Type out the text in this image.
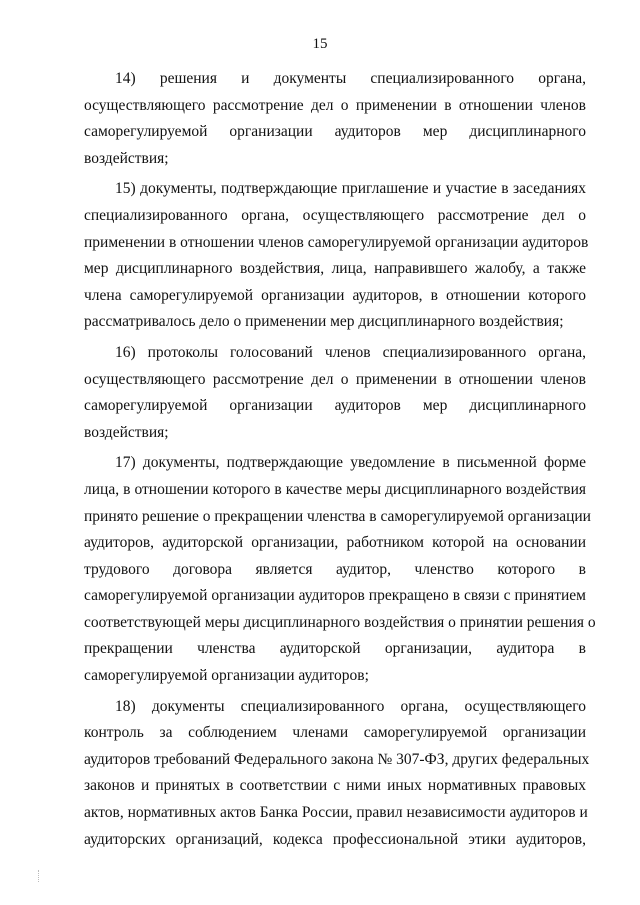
15

14) решения и документы специализированного органа,
осуществляющего рассмотрение дел о применении в отношении членов
саморегулируемой организации аудиторов мер дисциплинарного
воздействия;

15) документы, подтверждающие приглашение и участие в заседаниях
специализированного органа, осуществляющего рассмотрение дел о
применении в отношении членов саморегулируемой организации аудиторов
мер дисциплинарного воздействия, лица, направившего жалобу, а также
члена саморегулируемой организации аудиторов, в отношении которого
рассматривалось дело о применении мер дисциплинарного воздействия;

16) протоколы голосований членов специализированного органа,
осуществляющего рассмотрение дел о применении в отношении членов
саморегулируемой организации аудиторов мер дисциплинарного
воздействия;

17) документы, подтверждающие уведомление в письменной форме
лица, в отношении которого в качестве меры дисциплинарного воздействия
принято решение о прекращении членства в саморегулируемой организации
аудиторов, аудиторской организации, работником которой на основании
трудового договора является аудитор, членство которого в
саморегулируемой организации аудиторов прекращено в связи с принятием
соответствующей меры дисциплинарного воздействия о принятии решения о
прекращении членства аудиторской организации, аудитора в
саморегулируемой организации аудиторов;

18) документы специализированного органа, осуществляющего
контроль за соблюдением членами саморегулируемой организации
аудиторов требований Федерального закона № 307-ФЗ, других федеральных
законов и принятых в соответствии с ними иных нормативных правовых
актов, нормативных актов Банка России, правил независимости аудиторов и
аудиторских организаций, кодекса профессиональной этики аудиторов,
